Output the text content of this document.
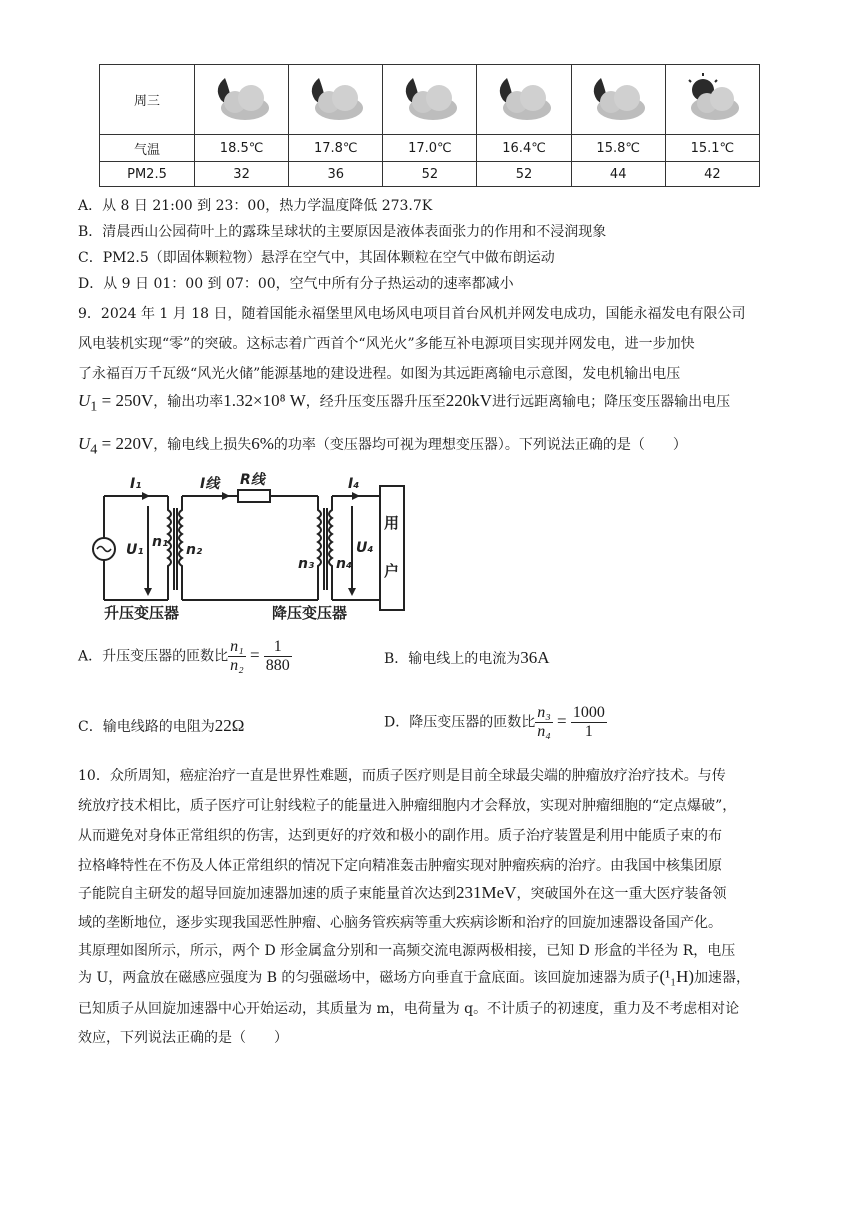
周三						
气温	18.5℃	17.8℃	17.0℃	16.4℃	15.8℃	15.1℃
PM2.5	32	36	52	52	44	42
A．从 8 日 21:00 到 23：00，热力学温度降低 273.7K
B．清晨西山公园荷叶上的露珠呈球状的主要原因是液体表面张力的作用和不浸润现象
C．PM2.5（即固体颗粒物）悬浮在空气中，其固体颗粒在空气中做布朗运动
D．从 9 日 01：00 到 07：00，空气中所有分子热运动的速率都减小
9．2024 年 1 月 18 日，随着国能永福堡里风电场风电项目首台风机并网发电成功，国能永福发电有限公司
风电装机实现“零”的突破。这标志着广西首个“风光火”多能互补电源项目实现并网发电，进一步加快
了永福百万千瓦级“风光火储”能源基地的建设进程。如图为其远距离输电示意图，发电机输出电压
$U_1 = 250V$，输出功率1.32×10⁸ W，经升压变压器升压至220kV进行远距离输电；降压变压器输出电压
$U_4 = 220V$，输电线上损失6%的功率（变压器均可视为理想变压器）。下列说法正确的是（　　）
I₁	I线 R线	I₄
U₁ n₁ n₂
n₃ n₄
U₄
用
户
升压变压器	降压变压器
A．升压变压器的匝数比 $\frac{\text{n₁}}{\text{n₂}} = \frac{1}{880}$	B．输电线上的电流为36A
C．输电线路的电阻为22Ω	D．降压变压器的匝数比 $\frac{\text{n₃}}{\text{n₄}} = \frac{1000}{1}$
10．众所周知，癌症治疗一直是世界性难题，而质子医疗则是目前全球最尖端的肿瘤放疗治疗技术。与传
统放疗技术相比，质子医疗可让射线粒子的能量进入肿瘤细胞内才会释放，实现对肿瘤细胞的“定点爆破”，
从而避免对身体正常组织的伤害，达到更好的疗效和极小的副作用。质子治疗装置是利用中能质子束的布
拉格峰特性在不伤及人体正常组织的情况下定向精准轰击肿瘤实现对肿瘤疾病的治疗。由我国中核集团原
子能院自主研发的超导回旋加速器加速的质子束能量首次达到231MeV，突破国外在这一重大医疗装备领
域的垄断地位，逐步实现我国恶性肿瘤、心脑务管疾病等重大疾病诊断和治疗的回旋加速器设备国产化。
其原理如图所示，所示，两个 D 形金属盒分别和一高频交流电源两极相接，已知 D 形盒的半径为 R，电压
为 U，两盒放在磁感应强度为 B 的匀强磁场中，磁场方向垂直于盒底面。该回旋加速器为质子(¹₁H)加速器，
已知质子从回旋加速器中心开始运动，其质量为 m，电荷量为 q。不计质子的初速度，重力及不考虑相对论
效应，下列说法正确的是（　　）
